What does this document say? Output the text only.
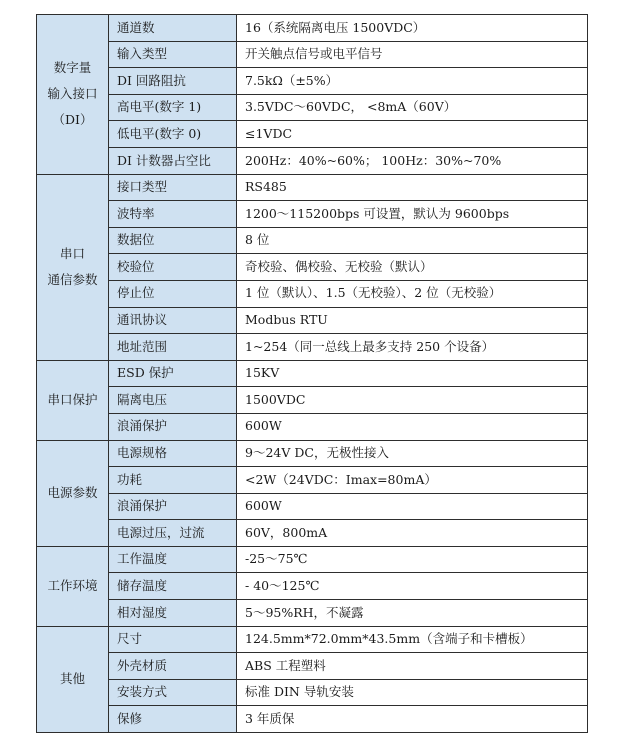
数字量
输入接口
（DI）	通道数	16（系统隔离电压 1500VDC）
	输入类型	开关触点信号或电平信号
	DI 回路阻抗	7.5kΩ（±5%）
	高电平(数字 1)	3.5VDC～60VDC， <8mA（60V）
	低电平(数字 0)	≤1VDC
	DI 计数器占空比	200Hz：40%~60%； 100Hz：30%~70%

串口
通信参数	接口类型	RS485
	波特率	1200～115200bps 可设置，默认为 9600bps
	数据位	8 位
	校验位	奇校验、偶校验、无校验（默认）
	停止位	1 位（默认）、1.5（无校验）、2 位（无校验）
	通讯协议	Modbus RTU
	地址范围	1~254（同一总线上最多支持 250 个设备）

串口保护	ESD 保护	15KV
	隔离电压	1500VDC
	浪涌保护	600W

电源参数	电源规格	9～24V DC，无极性接入
	功耗	<2W（24VDC：Imax=80mA）
	浪涌保护	600W
	电源过压，过流	60V，800mA

工作环境	工作温度	-25～75℃
	储存温度	- 40～125℃
	相对湿度	5～95%RH，不凝露

其他	尺寸	124.5mm*72.0mm*43.5mm（含端子和卡槽板）
	外壳材质	ABS 工程塑料
	安装方式	标准 DIN 导轨安装
	保修	3 年质保
